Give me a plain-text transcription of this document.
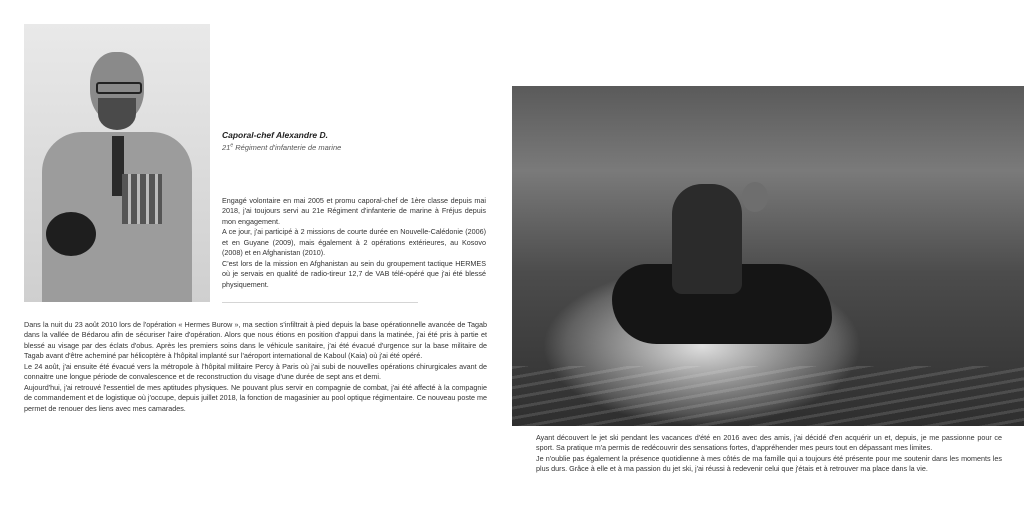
Caporal-chef Alexandre D.

21e Régiment d'infanterie de marine

Engagé volontaire en mai 2005 et promu caporal-chef de 1ère classe depuis mai 2018, j'ai toujours servi au 21e Régiment d'infanterie de marine à Fréjus depuis mon engagement.

A ce jour, j'ai participé à 2 missions de courte durée en Nouvelle-Calédonie (2006) et en Guyane (2009), mais également à 2 opérations extérieures, au Kosovo (2008) et en Afghanistan (2010).

C'est lors de la mission en Afghanistan au sein du groupement tactique HERMES où je servais en qualité de radio-tireur 12,7 de VAB télé-opéré que j'ai été blessé physiquement.

Dans la nuit du 23 août 2010 lors de l'opération « Hermes Burow », ma section s'infiltrait à pied depuis la base opérationnelle avancée de Tagab dans la vallée de Bédarou afin de sécuriser l'aire d'opération. Alors que nous étions en position d'appui dans la matinée, j'ai été pris à partie et blessé au visage par des éclats d'obus. Après les premiers soins dans le véhicule sanitaire, j'ai été évacué d'urgence sur la base militaire de Tagab avant d'être acheminé par hélicoptère à l'hôpital implanté sur l'aéroport international de Kaboul (Kaia) où j'ai été opéré.

Le 24 août, j'ai ensuite été évacué vers la métropole à l'hôpital militaire Percy à Paris où j'ai subi de nouvelles opérations chirurgicales avant de connaitre une longue période de convalescence et de reconstruction du visage d'une durée de sept ans et demi.

Aujourd'hui, j'ai retrouvé l'essentiel de mes aptitudes physiques. Ne pouvant plus servir en compagnie de combat, j'ai été affecté à la compagnie de commandement et de logistique où j'occupe, depuis juillet 2018, la fonction de magasinier au pool optique régimentaire. Ce nouveau poste me permet de renouer des liens avec mes camarades.

Ayant découvert le jet ski pendant les vacances d'été en 2016 avec des amis, j'ai décidé d'en acquérir un et, depuis, je me passionne pour ce sport. Sa pratique m'a permis de redécouvrir des sensations fortes, d'appréhender mes peurs tout en dépassant mes limites.

Je n'oublie pas également la présence quotidienne à mes côtés de ma famille qui a toujours été présente pour me soutenir dans les moments les plus durs. Grâce à elle et à ma passion du jet ski, j'ai réussi à redevenir celui que j'étais et à retrouver ma place dans la vie.
